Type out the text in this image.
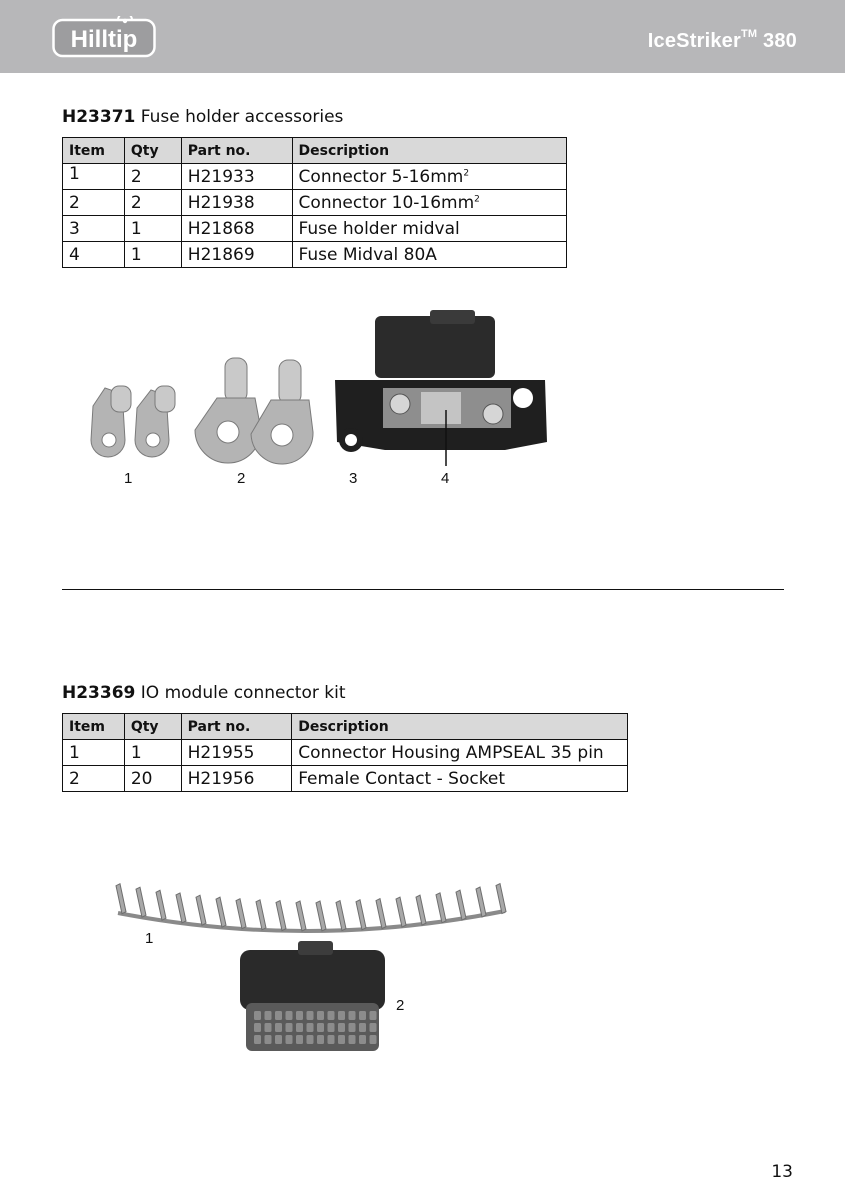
Hilltip	IceStriker™ 380
H23371 Fuse holder accessories
Item	Qty	Part no.	Description
1	2	H21933	Connector $5-16mm^2$
2	2	H21938	Connector $10-16mm^2$
3	1	H21868	Fuse holder midval
4	1	H21869	Fuse Midval 80A
1	2	3	4
H23369 IO module connector kit
Item	Qty	Part no.	Description
1	1	H21955	Connector Housing AMPSEAL 35 pin
2	20	H21956	Female Contact - Socket
1
2
13
